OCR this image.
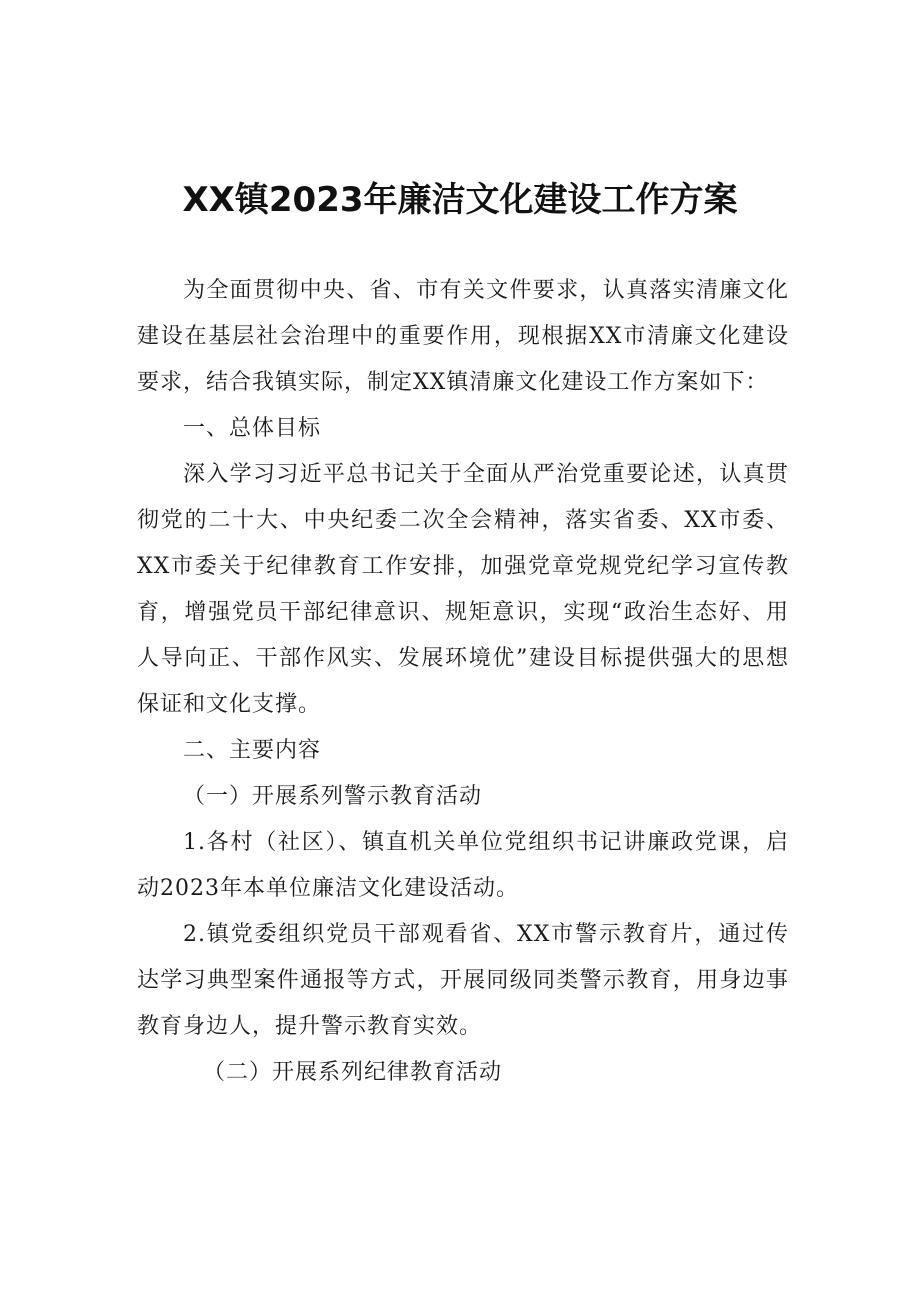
XX镇2023年廉洁文化建设工作方案

为全面贯彻中央、省、市有关文件要求，认真落实清廉文化建设在基层社会治理中的重要作用，现根据XX市清廉文化建设要求，结合我镇实际，制定XX镇清廉文化建设工作方案如下：

一、总体目标

深入学习习近平总书记关于全面从严治党重要论述，认真贯彻党的二十大、中央纪委二次全会精神，落实省委、XX市委、XX市委关于纪律教育工作安排，加强党章党规党纪学习宣传教育，增强党员干部纪律意识、规矩意识，实现“政治生态好、用人导向正、干部作风实、发展环境优”建设目标提供强大的思想保证和文化支撑。

二、主要内容

（一）开展系列警示教育活动

1.各村（社区）、镇直机关单位党组织书记讲廉政党课，启动2023年本单位廉洁文化建设活动。

2.镇党委组织党员干部观看省、XX市警示教育片，通过传达学习典型案件通报等方式，开展同级同类警示教育，用身边事教育身边人，提升警示教育实效。

（二）开展系列纪律教育活动
